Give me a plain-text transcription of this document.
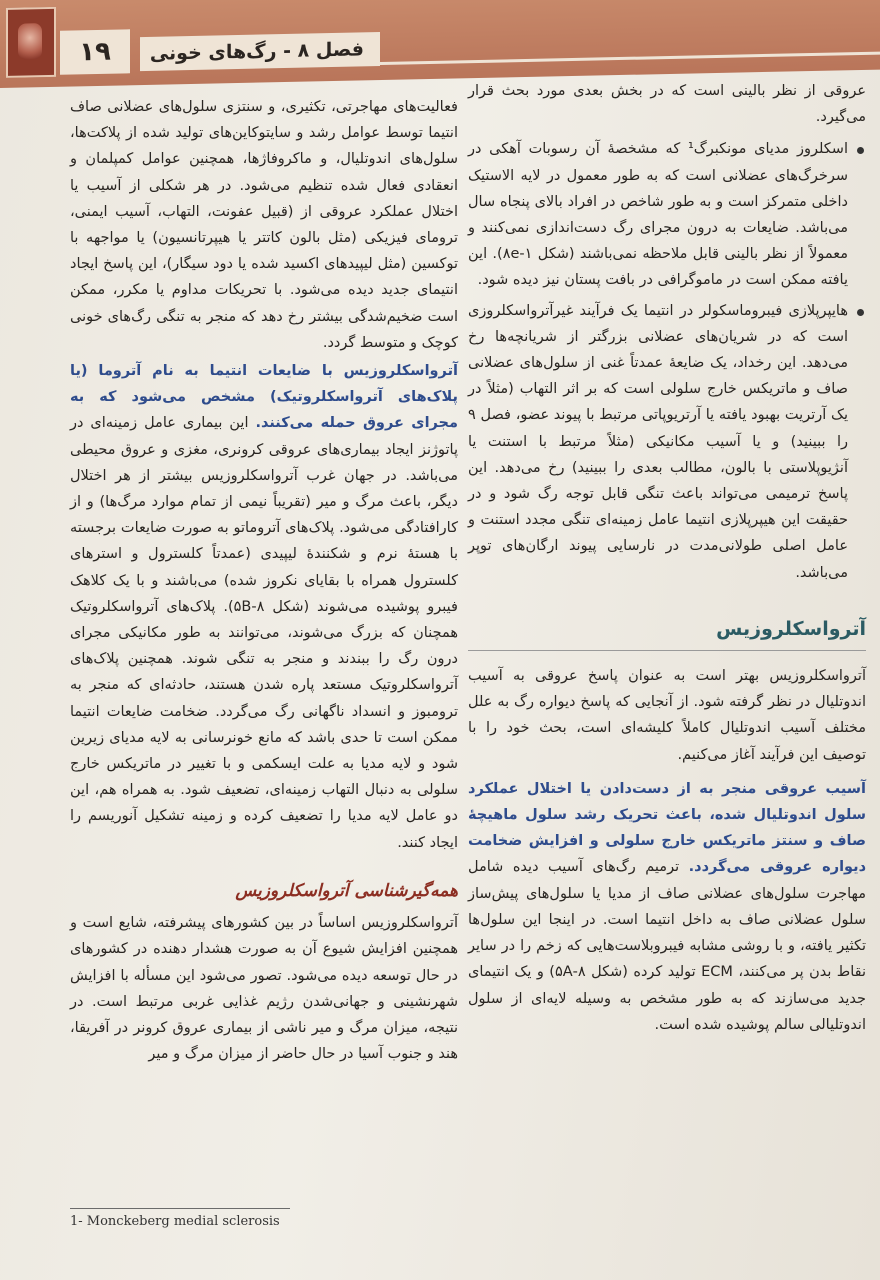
۱۹	فصل ۸ - رگ‌های خونی

عروقی از نظر بالینی است که در بخش بعدی مورد بحث قرار می‌گیرد.

اسکلروز مدیای مونکبرگ¹ که مشخصهٔ آن رسوبات آهکی در سرخرگ‌های عضلانی است که به طور معمول در لایه الاستیک داخلی متمرکز است و به طور شاخص در افراد بالای پنجاه سال می‌باشد. ضایعات به درون مجرای رگ دست‌اندازی نمی‌کنند و معمولاً از نظر بالینی قابل ملاحظه نمی‌باشند (شکل ۸e-۱). این یافته ممکن است در ماموگرافی در بافت پستان نیز دیده شود.

هایپرپلازی فیبروماسکولر در انتیما یک فرآیند غیرآترواسکلروزی است که در شریان‌های عضلانی بزرگتر از شریانچه‌ها رخ می‌دهد. این رخداد، یک ضایعهٔ عمدتاً غنی از سلول‌های عضلانی صاف و ماتریکس خارج سلولی است که بر اثر التهاب (مثلاً در یک آرتریت بهبود یافته یا آرتریوپاتی مرتبط با پیوند عضو، فصل ۹ را ببینید) و یا آسیب مکانیکی (مثلاً مرتبط با استنت یا آنژیوپلاستی با بالون، مطالب بعدی را ببینید) رخ می‌دهد. این پاسخ ترمیمی می‌تواند باعث تنگی قابل توجه رگ شود و در حقیقت این هیپرپلازی انتیما عامل زمینه‌ای تنگی مجدد استنت و عامل اصلی طولانی‌مدت در نارسایی پیوند ارگان‌های توپر می‌باشد.

آترواسکلروزیس

آترواسکلروزیس بهتر است به عنوان پاسخ عروقی به آسیب اندوتلیال در نظر گرفته شود. از آنجایی که پاسخ دیواره رگ به علل مختلف آسیب اندوتلیال کاملاً کلیشه‌ای است، بحث خود را با توصیف این فرآیند آغاز می‌کنیم.

آسیب عروقی منجر به از دست‌دادن یا اختلال عملکرد سلول اندوتلیال شده، باعث تحریک رشد سلول ماهیچهٔ صاف و سنتز ماتریکس خارج سلولی و افزایش ضخامت دیواره عروقی می‌گردد. ترمیم رگ‌های آسیب دیده شامل مهاجرت سلول‌های عضلانی صاف از مدیا یا سلول‌های پیش‌ساز سلول عضلانی صاف به داخل انتیما است. در اینجا این سلول‌ها تکثیر یافته، و با روشی مشابه فیبروبلاست‌هایی که زخم را در سایر نقاط بدن پر می‌کنند، ECM تولید کرده (شکل ۸-۵A) و یک انتیمای جدید می‌سازند که به طور مشخص به وسیله لایه‌ای از سلول اندوتلیالی سالم پوشیده شده است.

فعالیت‌های مهاجرتی، تکثیری، و سنتزی سلول‌های عضلانی صاف انتیما توسط عوامل رشد و سایتوکاین‌های تولید شده از پلاکت‌ها، سلول‌های اندوتلیال، و ماکروفاژها، همچنین عوامل کمپلمان و انعقادی فعال شده تنظیم می‌شود. در هر شکلی از آسیب یا اختلال عملکرد عروقی از (قبیل عفونت، التهاب، آسیب ایمنی، ترومای فیزیکی (مثل بالون کاتتر یا هیپرتانسیون) یا مواجهه با توکسین (مثل لیپیدهای اکسید شده یا دود سیگار)، این پاسخ ایجاد انتیمای جدید دیده می‌شود. با تحریکات مداوم یا مکرر، ممکن است ضخیم‌شدگی بیشتر رخ دهد که منجر به تنگی رگ‌های خونی کوچک و متوسط گردد.

آترواسکلروزیس با ضایعات انتیما به نام آتروما (یا پلاک‌های آترواسکلروتیک) مشخص می‌شود که به مجرای عروق حمله می‌کنند. این بیماری عامل زمینه‌ای در پاتوژنز ایجاد بیماری‌های عروقی کرونری، مغزی و عروق محیطی می‌باشد. در جهان غرب آترواسکلروزیس بیشتر از هر اختلال دیگر، باعث مرگ و میر (تقریباً نیمی از تمام موارد مرگ‌ها) و از کارافتادگی می‌شود. پلاک‌های آتروماتو به صورت ضایعات برجسته با هستهٔ نرم و شکنندهٔ لیپیدی (عمدتاً کلسترول و استرهای کلسترول همراه با بقایای نکروز شده) می‌باشند و با یک کلاهک فیبرو پوشیده می‌شوند (شکل ۸-۵B). پلاک‌های آترواسکلروتیک همچنان که بزرگ می‌شوند، می‌توانند به طور مکانیکی مجرای درون رگ را ببندند و منجر به تنگی شوند. همچنین پلاک‌های آترواسکلروتیک مستعد پاره شدن هستند، حادثه‌ای که منجر به ترومبوز و انسداد ناگهانی رگ می‌گردد. ضخامت ضایعات انتیما ممکن است تا حدی باشد که مانع خونرسانی به لایه مدیای زیرین شود و لایه مدیا به علت ایسکمی و با تغییر در ماتریکس خارج سلولی به دنبال التهاب زمینه‌ای، تضعیف شود. به همراه هم، این دو عامل لایه مدیا را تضعیف کرده و زمینه تشکیل آنوریسم را ایجاد کنند.

همه‌گیرشناسی آترواسکلروزیس

آترواسکلروزیس اساساً در بین کشورهای پیشرفته، شایع است و همچنین افزایش شیوع آن به صورت هشدار دهنده در کشورهای در حال توسعه دیده می‌شود. تصور می‌شود این مسأله با افزایش شهرنشینی و جهانی‌شدن رژیم غذایی غربی مرتبط است. در نتیجه، میزان مرگ و میر ناشی از بیماری عروق کرونر در آفریقا، هند و جنوب آسیا در حال حاضر از میزان مرگ و میر

1- Monckeberg medial sclerosis
